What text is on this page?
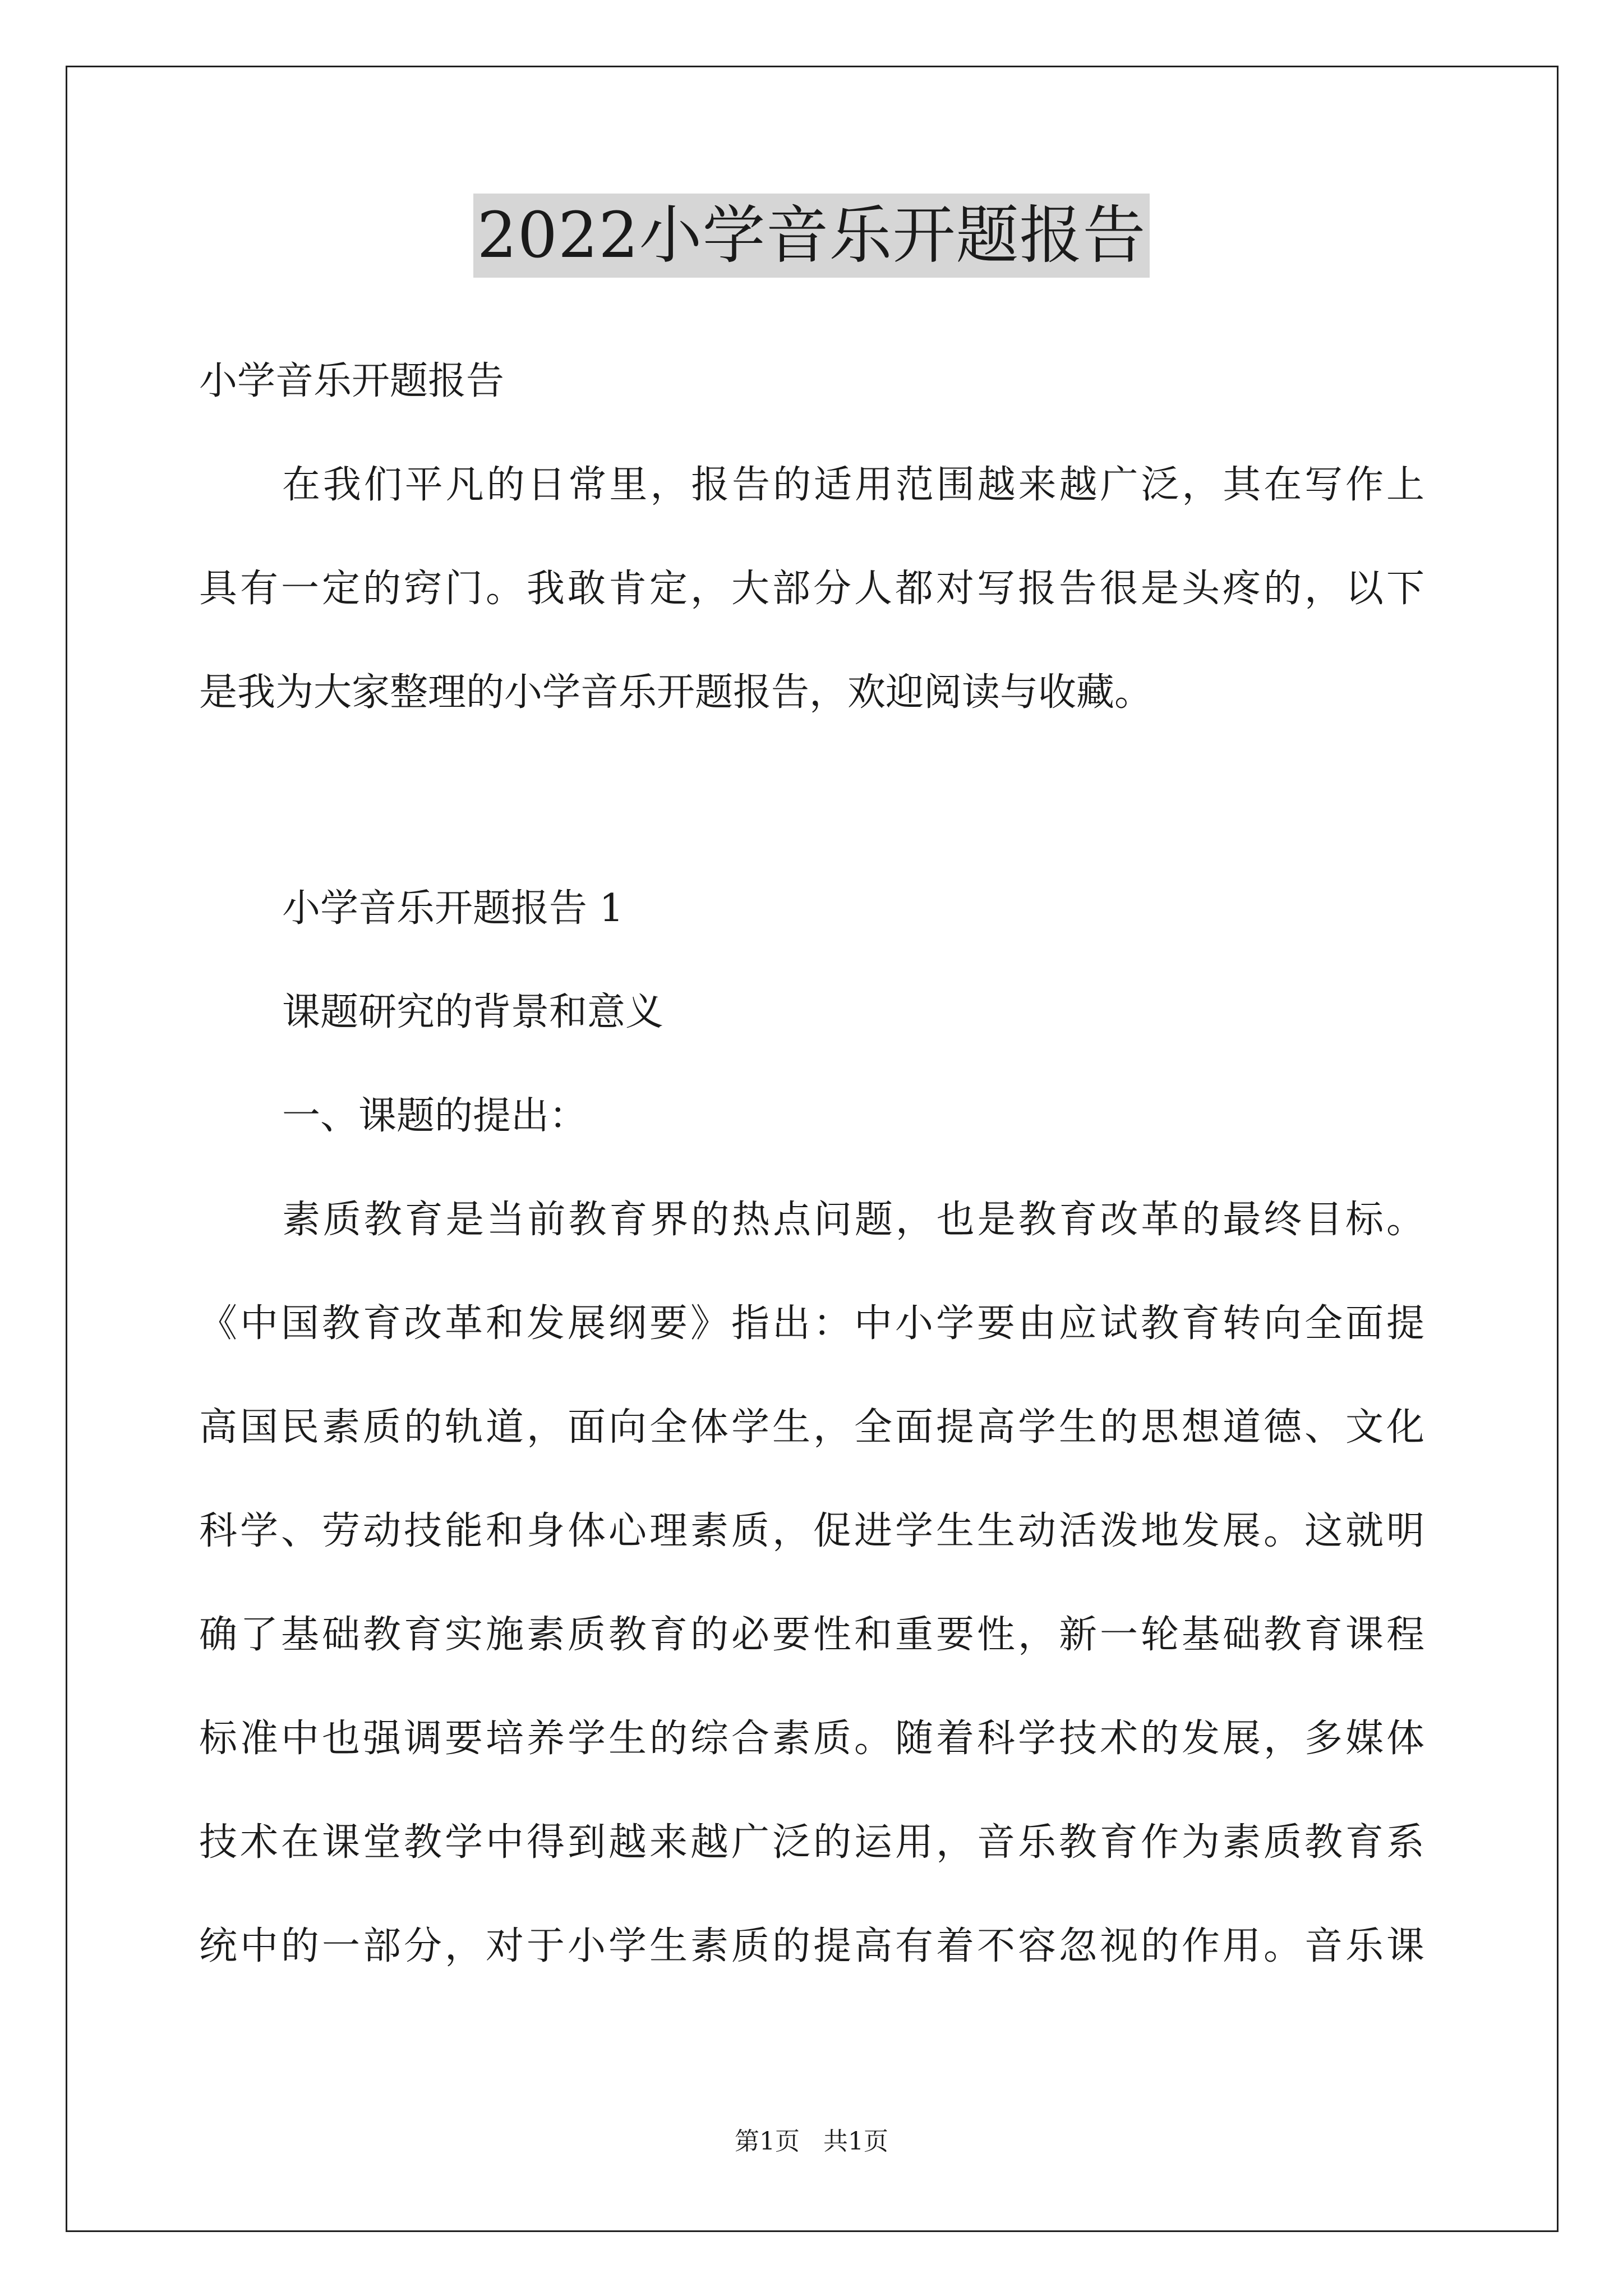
2022小学音乐开题报告
小学音乐开题报告
在我们平凡的日常里，报告的适用范围越来越广泛，其在写作上
具有一定的窍门。我敢肯定，大部分人都对写报告很是头疼的，以下
是我为大家整理的小学音乐开题报告，欢迎阅读与收藏。
小学音乐开题报告 1
课题研究的背景和意义
一、课题的提出：
素质教育是当前教育界的热点问题，也是教育改革的最终目标。
《中国教育改革和发展纲要》指出：中小学要由应试教育转向全面提
高国民素质的轨道，面向全体学生，全面提高学生的思想道德、文化
科学、劳动技能和身体心理素质，促进学生生动活泼地发展。这就明
确了基础教育实施素质教育的必要性和重要性，新一轮基础教育课程
标准中也强调要培养学生的综合素质。随着科学技术的发展，多媒体
技术在课堂教学中得到越来越广泛的运用，音乐教育作为素质教育系
统中的一部分，对于小学生素质的提高有着不容忽视的作用。音乐课
第1页   共1页
